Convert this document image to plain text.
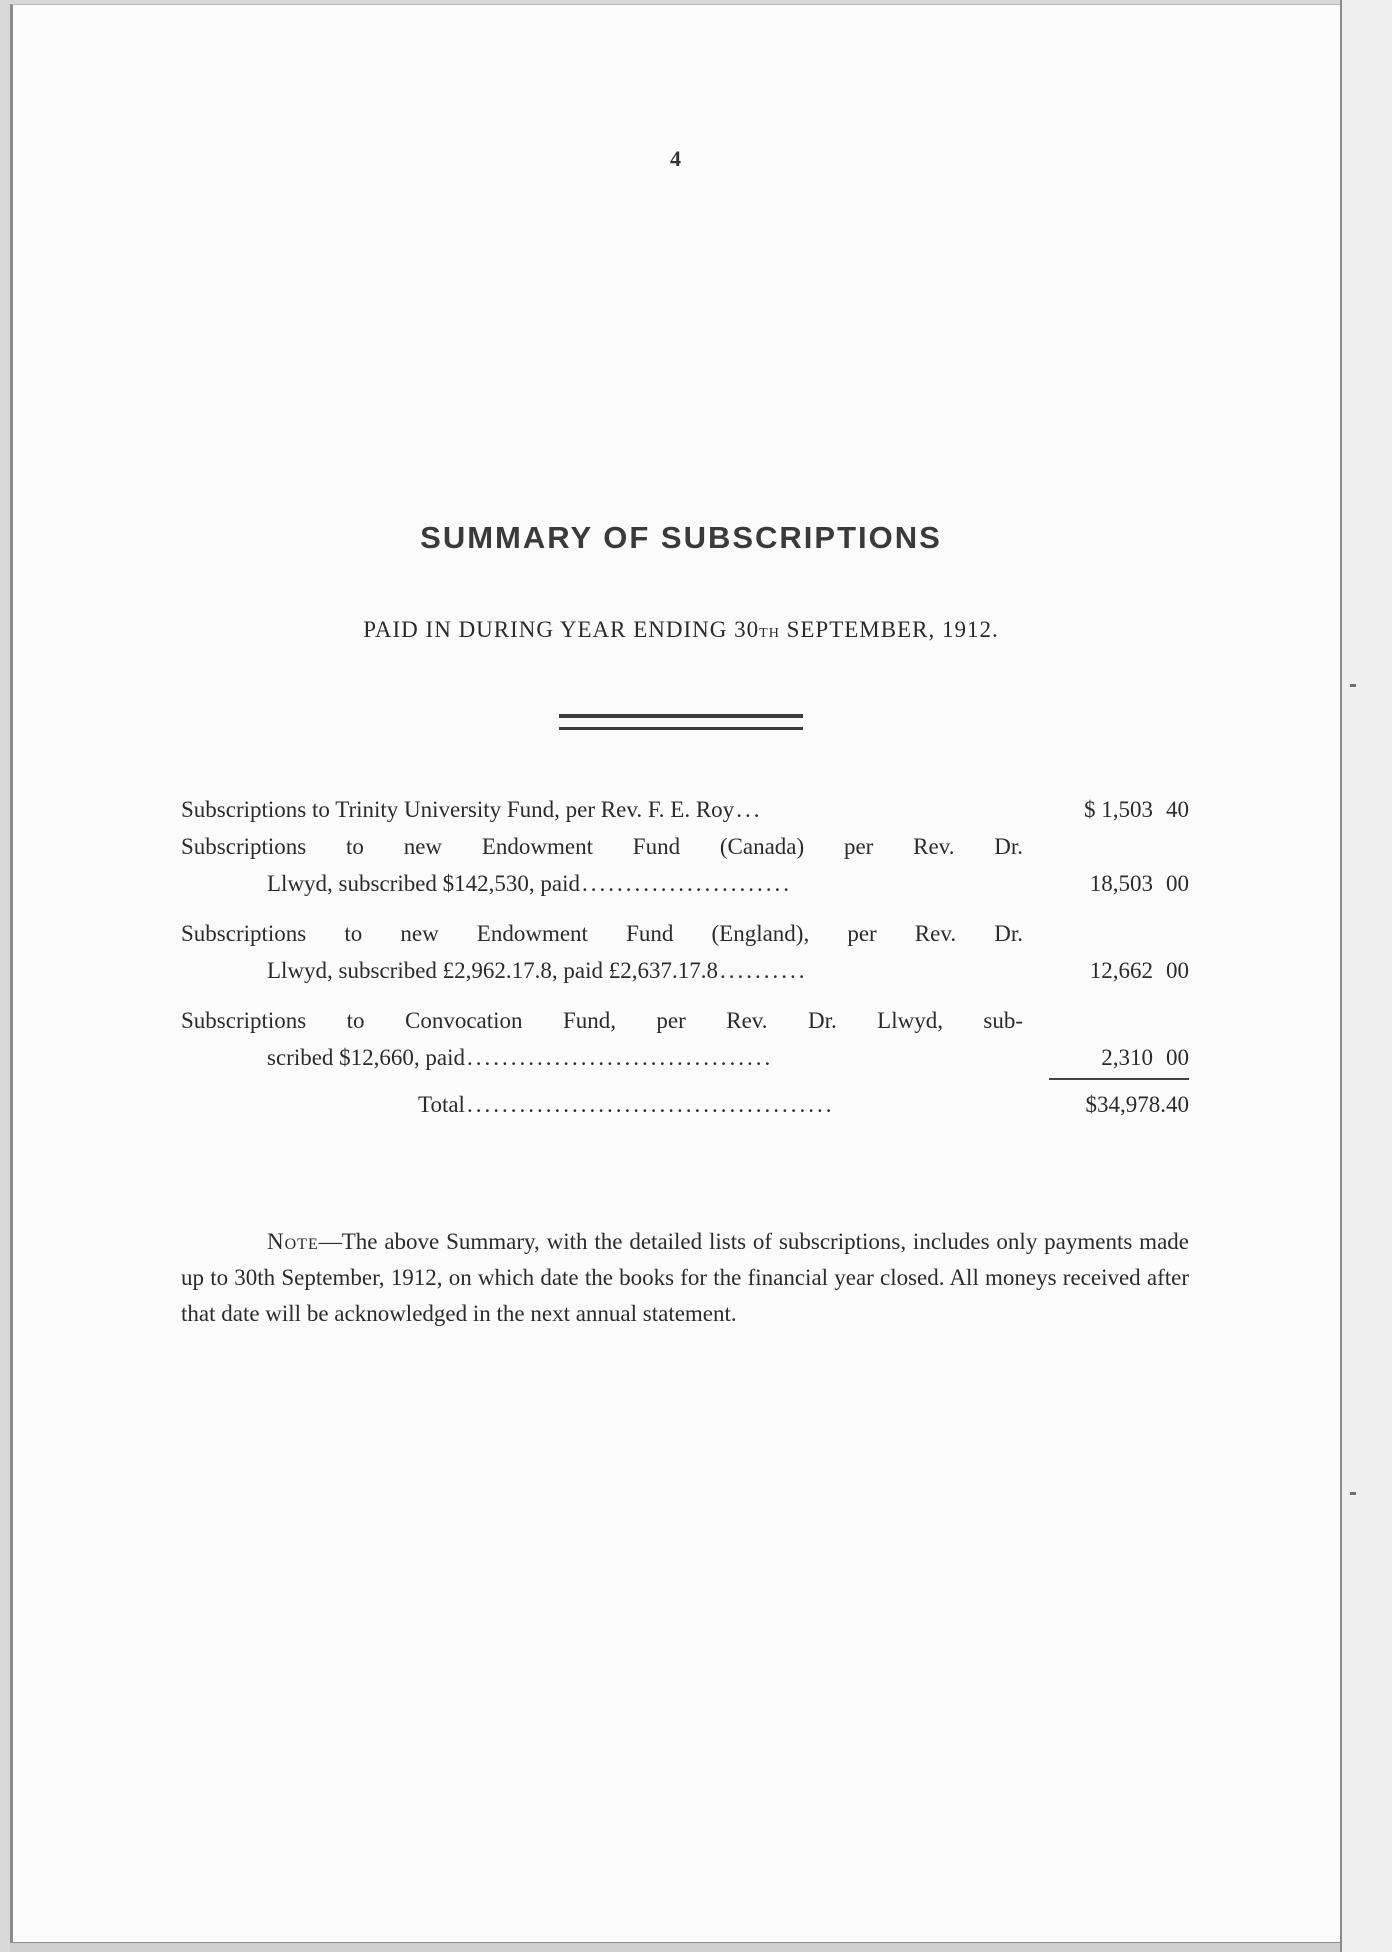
4
SUMMARY OF SUBSCRIPTIONS
PAID IN DURING YEAR ENDING 30TH SEPTEMBER, 1912.
Subscriptions to Trinity University Fund, per Rev. F. E. Roy ...	$ 1,503 40
Subscriptions to new Endowment Fund (Canada) per Rev. Dr.
Llwyd, subscribed $142,530, paid ........................	18,503 00
Subscriptions to new Endowment Fund (England), per Rev. Dr.
Llwyd, subscribed £2,962.17.8, paid £2,637.17.8 ..........	12,662 00
Subscriptions to Convocation Fund, per Rev. Dr. Llwyd, sub-
scribed $12,660, paid ...................................	2,310 00
Total ..........................................	$34,978.40
Note—The above Summary, with the detailed lists of subscriptions, includes only payments made up to 30th September, 1912, on which date the books for the financial year closed. All moneys received after that date will be acknowledged in the next annual statement.
